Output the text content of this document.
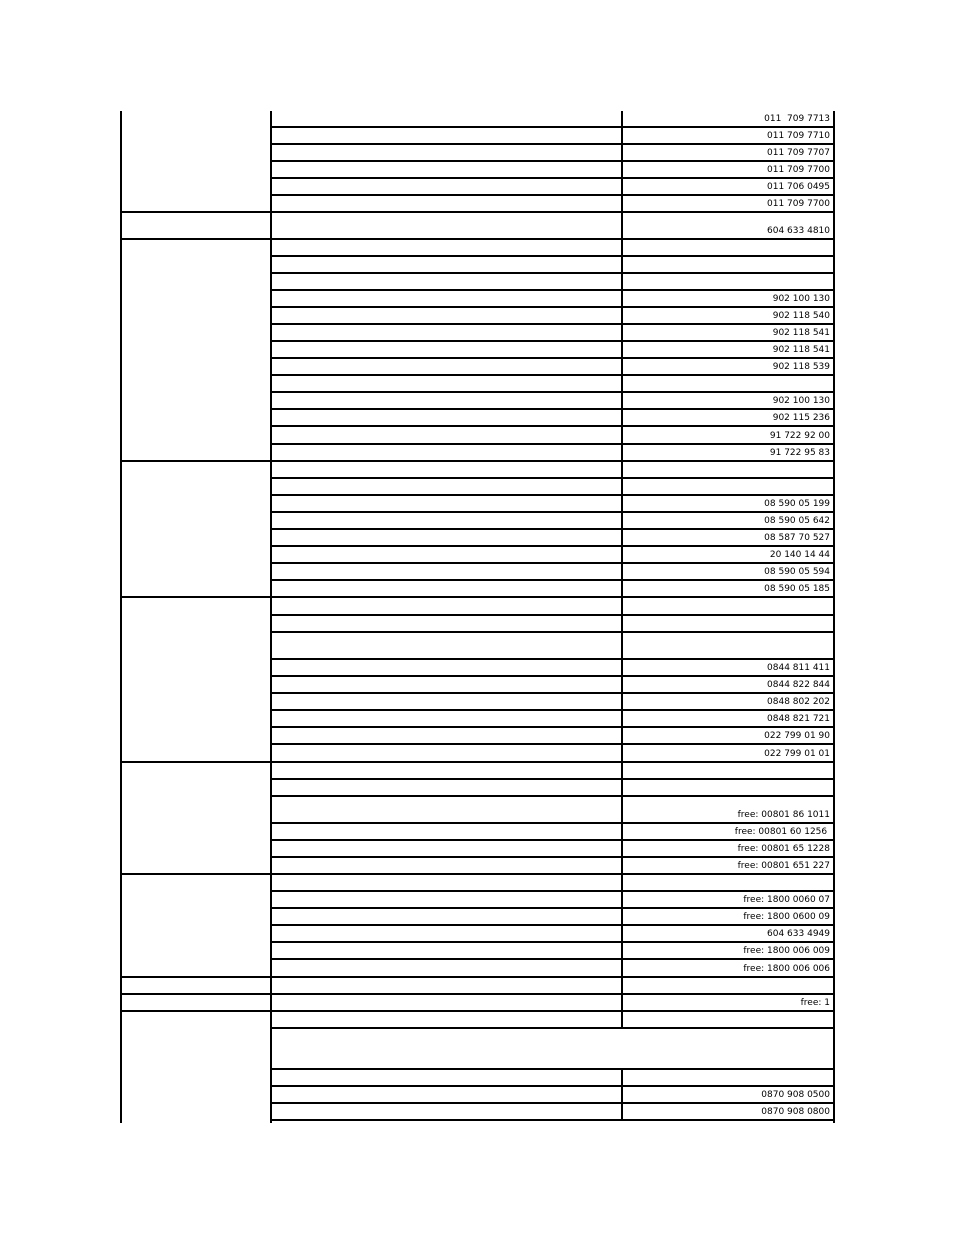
011  709 7713
011 709 7710
011 709 7707
011 709 7700
011 706 0495
011 709 7700
604 633 4810
902 100 130
902 118 540
902 118 541
902 118 541
902 118 539
902 100 130
902 115 236
91 722 92 00
91 722 95 83
08 590 05 199
08 590 05 642
08 587 70 527
20 140 14 44
08 590 05 594
08 590 05 185
0844 811 411
0844 822 844
0848 802 202
0848 821 721
022 799 01 90
022 799 01 01
free: 00801 86 1011
free: 00801 60 1256
free: 00801 65 1228
free: 00801 651 227
free: 1800 0060 07
free: 1800 0600 09
604 633 4949
free: 1800 006 009
free: 1800 006 006
free: 1
0870 908 0500
0870 908 0800
